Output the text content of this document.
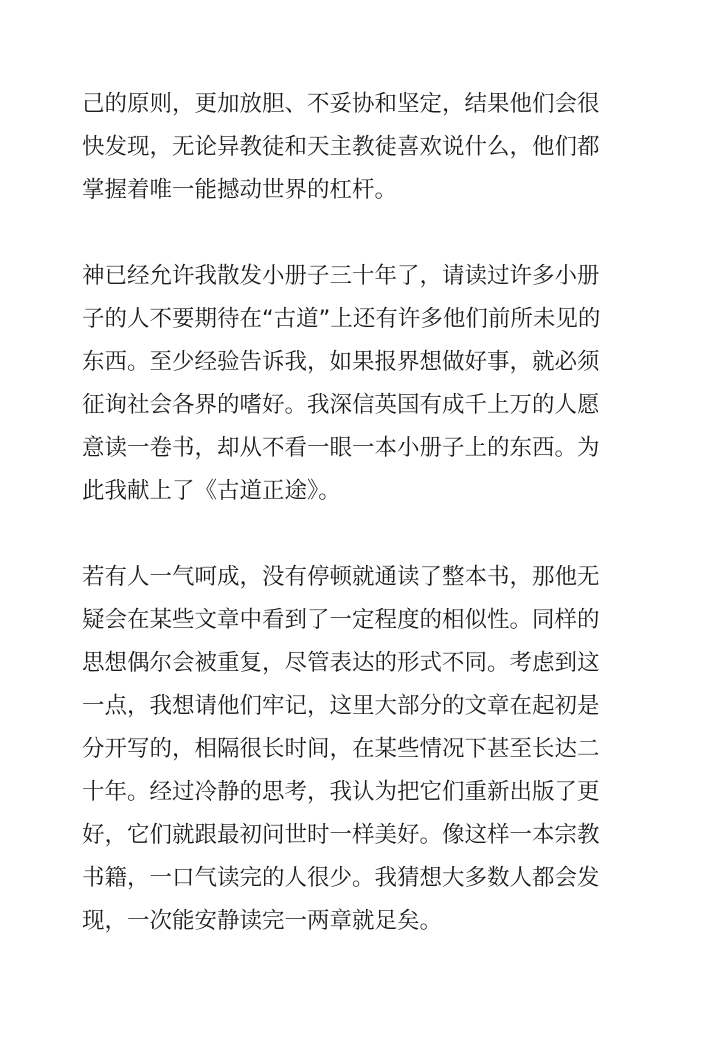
己的原则，更加放胆、不妥协和坚定，结果他们会很
快发现，无论异教徒和天主教徒喜欢说什么，他们都
掌握着唯一能撼动世界的杠杆。

神已经允许我散发小册子三十年了，请读过许多小册
子的人不要期待在“古道”上还有许多他们前所未见的
东西。至少经验告诉我，如果报界想做好事，就必须
征询社会各界的嗜好。我深信英国有成千上万的人愿
意读一卷书，却从不看一眼一本小册子上的东西。为
此我献上了《古道正途》。

若有人一气呵成，没有停顿就通读了整本书，那他无
疑会在某些文章中看到了一定程度的相似性。同样的
思想偶尔会被重复，尽管表达的形式不同。考虑到这
一点，我想请他们牢记，这里大部分的文章在起初是
分开写的，相隔很长时间，在某些情况下甚至长达二
十年。经过冷静的思考，我认为把它们重新出版了更
好，它们就跟最初问世时一样美好。像这样一本宗教
书籍，一口气读完的人很少。我猜想大多数人都会发
现，一次能安静读完一两章就足矣。
